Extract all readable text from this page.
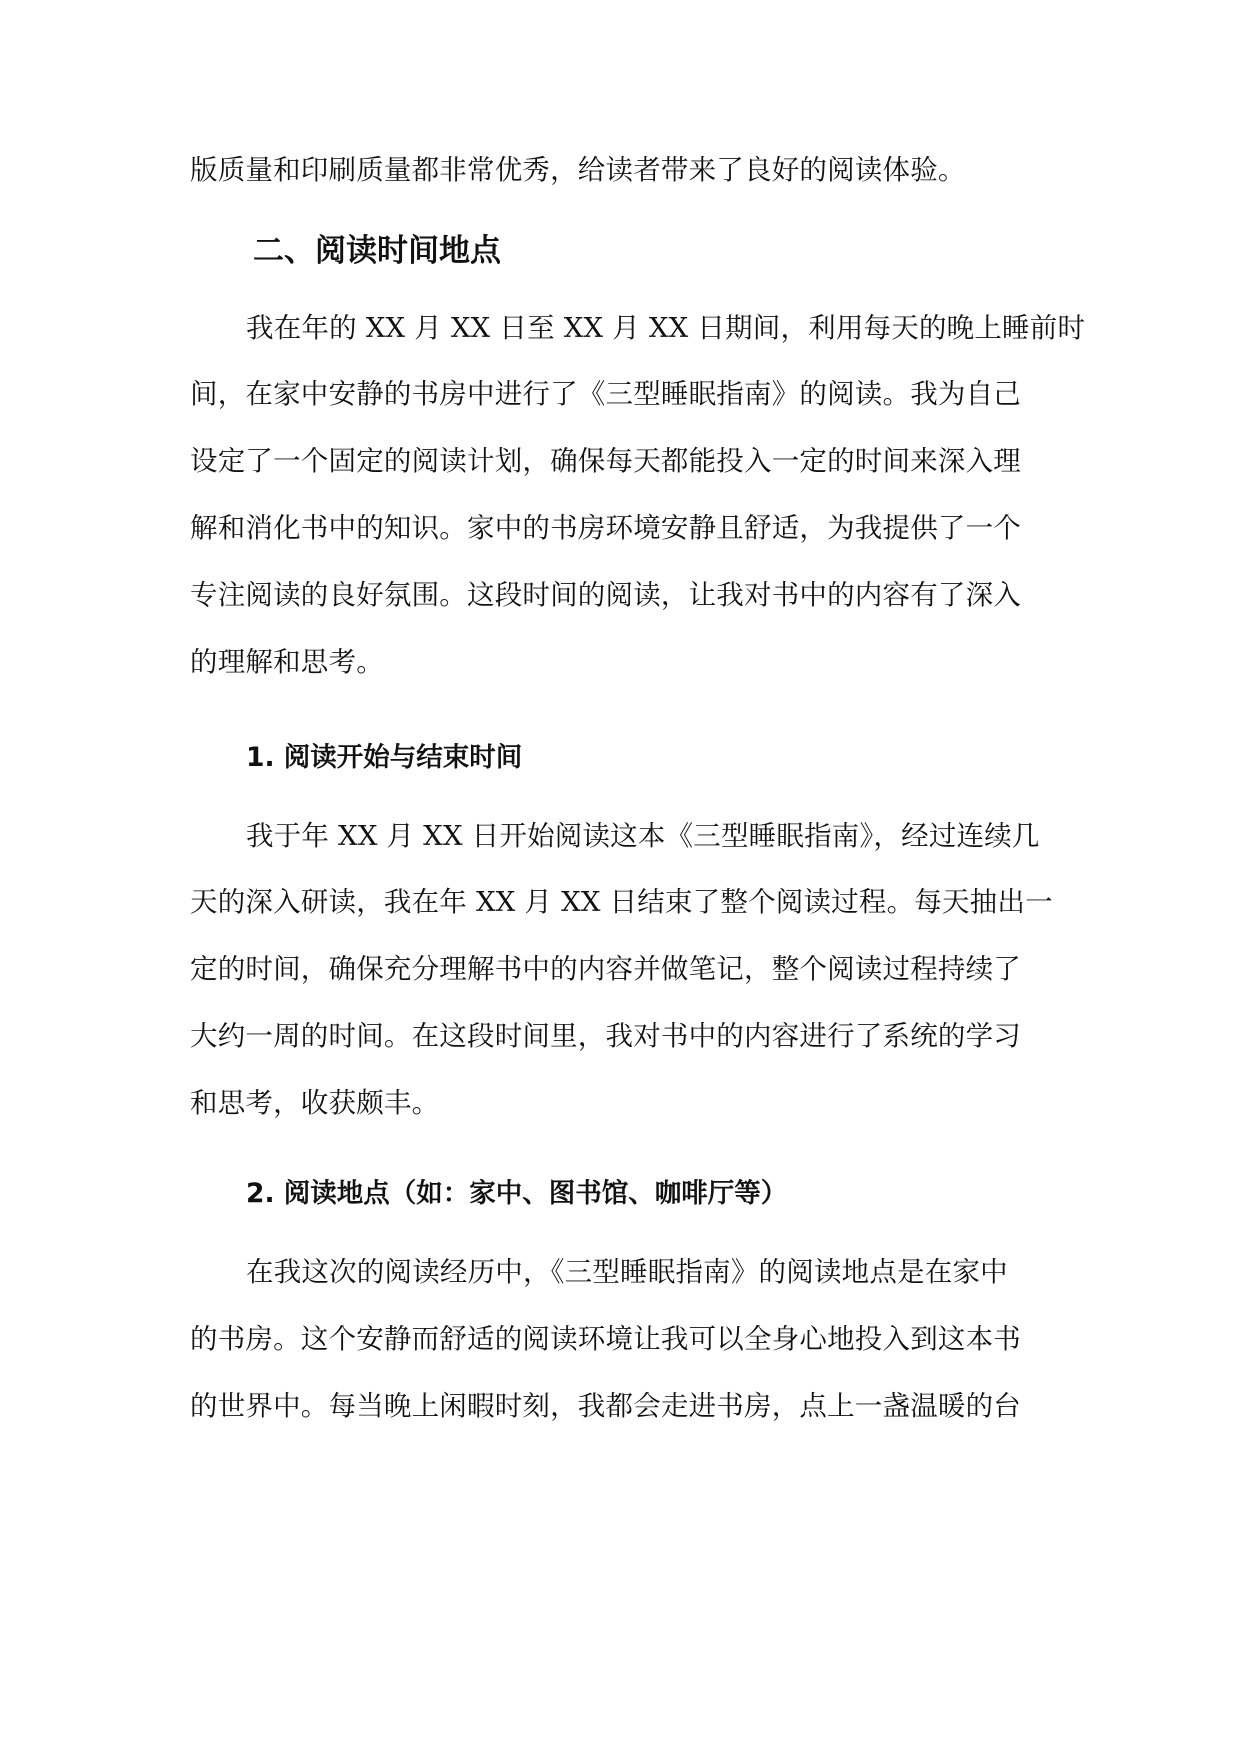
版质量和印刷质量都非常优秀，给读者带来了良好的阅读体验。
二、阅读时间地点
我在年的 XX 月 XX 日至 XX 月 XX 日期间，利用每天的晚上睡前时
间，在家中安静的书房中进行了《三型睡眠指南》的阅读。我为自己
设定了一个固定的阅读计划，确保每天都能投入一定的时间来深入理
解和消化书中的知识。家中的书房环境安静且舒适，为我提供了一个
专注阅读的良好氛围。这段时间的阅读，让我对书中的内容有了深入
的理解和思考。
1. 阅读开始与结束时间
我于年 XX 月 XX 日开始阅读这本《三型睡眠指南》，经过连续几
天的深入研读，我在年 XX 月 XX 日结束了整个阅读过程。每天抽出一
定的时间，确保充分理解书中的内容并做笔记，整个阅读过程持续了
大约一周的时间。在这段时间里，我对书中的内容进行了系统的学习
和思考，收获颇丰。
2. 阅读地点（如：家中、图书馆、咖啡厅等）
在我这次的阅读经历中，《三型睡眠指南》的阅读地点是在家中
的书房。这个安静而舒适的阅读环境让我可以全身心地投入到这本书
的世界中。每当晚上闲暇时刻，我都会走进书房，点上一盏温暖的台
